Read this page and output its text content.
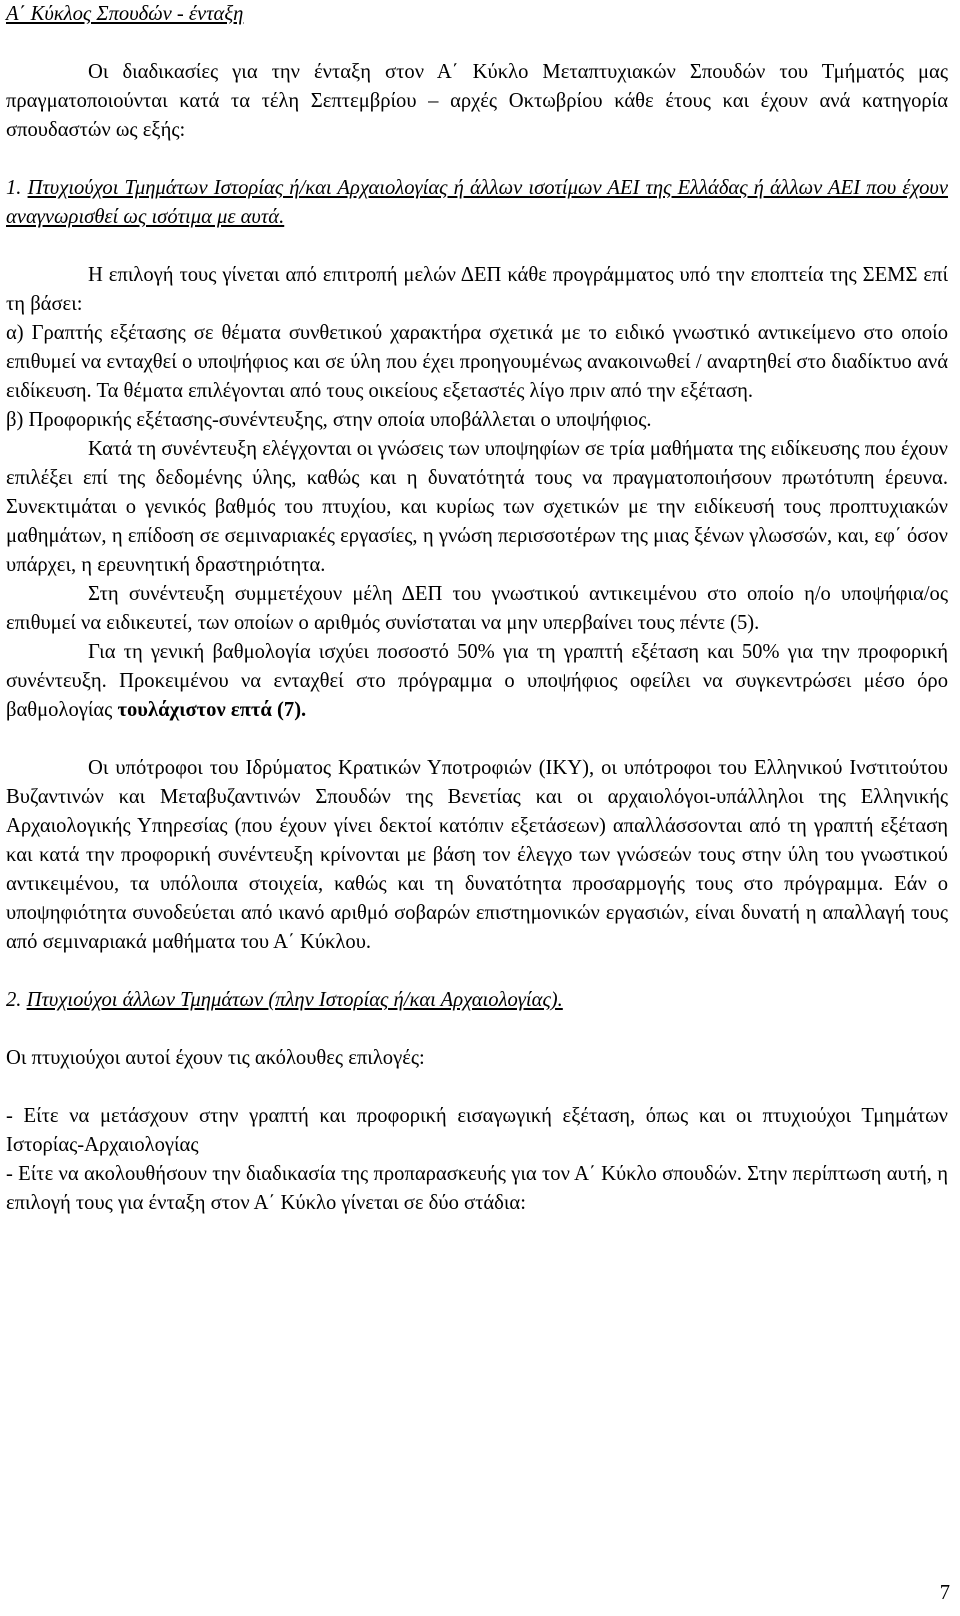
Α΄ Κύκλος Σπουδών - ένταξη

Οι διαδικασίες για την ένταξη στον Α΄ Κύκλο Μεταπτυχιακών Σπουδών του Τμήματός μας πραγματοποιούνται κατά τα τέλη Σεπτεμβρίου – αρχές Οκτωβρίου κάθε έτους και έχουν ανά κατηγορία σπουδαστών ως εξής:

1. Πτυχιούχοι Τμημάτων Ιστορίας ή/και Αρχαιολογίας ή άλλων ισοτίμων ΑΕΙ της Ελλάδας ή άλλων ΑΕΙ που έχουν αναγνωρισθεί ως ισότιμα με αυτά.

Η επιλογή τους γίνεται από επιτροπή μελών ΔΕΠ κάθε προγράμματος υπό την εποπτεία της ΣΕΜΣ επί τη βάσει:

α) Γραπτής εξέτασης σε θέματα συνθετικού χαρακτήρα σχετικά με το ειδικό γνωστικό αντικείμενο στο οποίο επιθυμεί να ενταχθεί ο υποψήφιος και σε ύλη που έχει προηγουμένως ανακοινωθεί / αναρτηθεί στο διαδίκτυο ανά ειδίκευση. Τα θέματα επιλέγονται από τους οικείους εξεταστές λίγο πριν από την εξέταση.

β) Προφορικής εξέτασης-συνέντευξης, στην οποία υποβάλλεται ο υποψήφιος.

Κατά τη συνέντευξη ελέγχονται οι γνώσεις των υποψηφίων σε τρία μαθήματα της ειδίκευσης που έχουν επιλέξει επί της δεδομένης ύλης, καθώς και η δυνατότητά τους να πραγματοποιήσουν πρωτότυπη έρευνα. Συνεκτιμάται ο γενικός βαθμός του πτυχίου, και κυρίως των σχετικών με την ειδίκευσή τους προπτυχιακών μαθημάτων, η επίδοση σε σεμιναριακές εργασίες, η γνώση περισσοτέρων της μιας ξένων γλωσσών, και, εφ΄ όσον υπάρχει, η ερευνητική δραστηριότητα.

Στη συνέντευξη συμμετέχουν μέλη ΔΕΠ του γνωστικού αντικειμένου στο οποίο η/ο υποψήφια/ος επιθυμεί να ειδικευτεί, των οποίων ο αριθμός συνίσταται να μην υπερβαίνει τους πέντε (5).

Για τη γενική βαθμολογία ισχύει ποσοστό 50% για τη γραπτή εξέταση και 50% για την προφορική συνέντευξη. Προκειμένου να ενταχθεί στο πρόγραμμα ο υποψήφιος οφείλει να συγκεντρώσει μέσο όρο βαθμολογίας τουλάχιστον επτά (7).

Οι υπότροφοι του Ιδρύματος Κρατικών Υποτροφιών (ΙΚΥ), οι υπότροφοι του Ελληνικού Ινστιτούτου Βυζαντινών και Μεταβυζαντινών Σπουδών της Βενετίας και οι αρχαιολόγοι-υπάλληλοι της Ελληνικής Αρχαιολογικής Υπηρεσίας (που έχουν γίνει δεκτοί κατόπιν εξετάσεων) απαλλάσσονται από τη γραπτή εξέταση και κατά την προφορική συνέντευξη κρίνονται με βάση τον έλεγχο των γνώσεών τους στην ύλη του γνωστικού αντικειμένου, τα υπόλοιπα στοιχεία, καθώς και τη δυνατότητα προσαρμογής τους στο πρόγραμμα. Εάν ο υποψηφιότητα συνοδεύεται από ικανό αριθμό σοβαρών επιστημονικών εργασιών, είναι δυνατή η απαλλαγή τους από σεμιναριακά μαθήματα του Α΄ Κύκλου.

2. Πτυχιούχοι άλλων Τμημάτων (πλην Ιστορίας ή/και Αρχαιολογίας).

Οι πτυχιούχοι αυτοί έχουν τις ακόλουθες επιλογές:

- Είτε να μετάσχουν στην γραπτή και προφορική εισαγωγική εξέταση, όπως και οι πτυχιούχοι Τμημάτων Ιστορίας-Αρχαιολογίας

- Είτε να ακολουθήσουν την διαδικασία της προπαρασκευής για τον Α΄ Κύκλο σπουδών. Στην περίπτωση αυτή, η επιλογή τους για ένταξη στον Α΄ Κύκλο γίνεται σε δύο στάδια:

7
